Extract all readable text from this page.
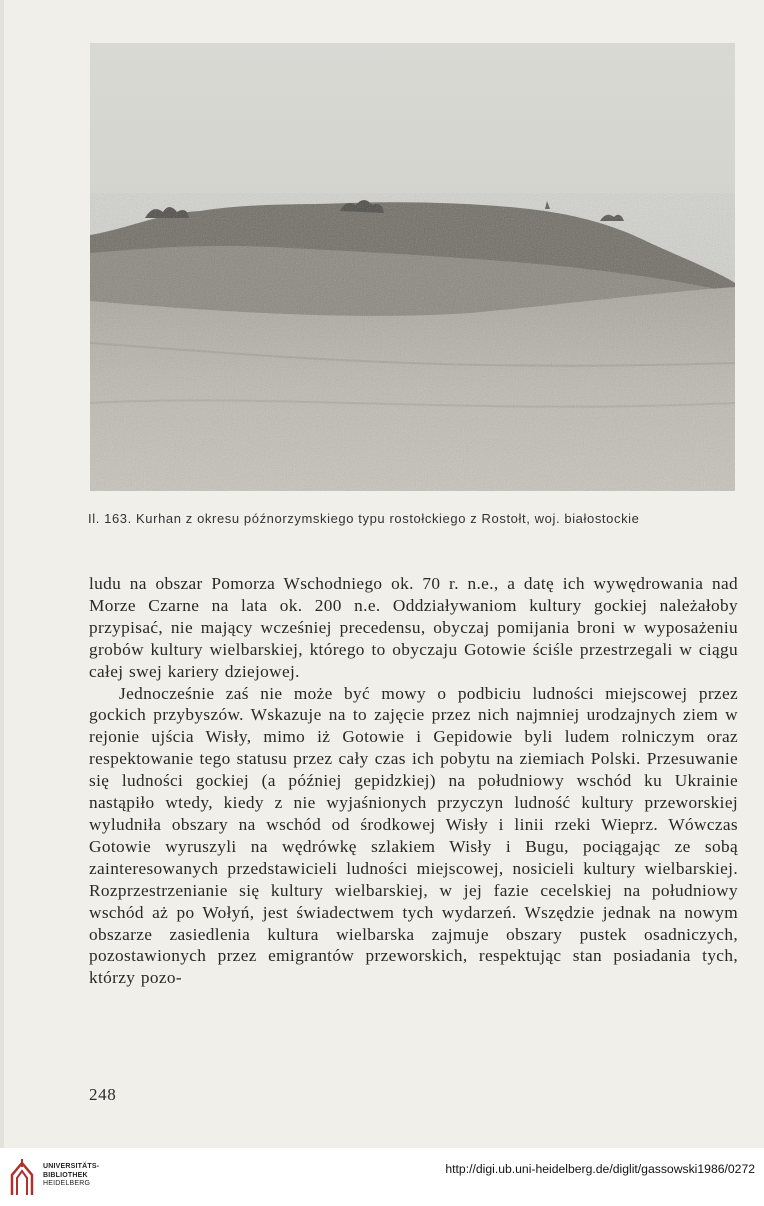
Il. 163. Kurhan z okresu późnorzymskiego typu rostołckiego z Rostołt, woj. białostockie

ludu na obszar Pomorza Wschodniego ok. 70 r. n.e., a datę ich wywędrowania nad Morze Czarne na lata ok. 200 n.e. Oddziaływaniom kultury gockiej należałoby przypisać, nie mający wcześniej precedensu, obyczaj pomijania broni w wyposażeniu grobów kultury wielbarskiej, którego to obyczaju Gotowie ściśle przestrzegali w ciągu całej swej kariery dziejowej.

Jednocześnie zaś nie może być mowy o podbiciu ludności miejscowej przez gockich przybyszów. Wskazuje na to zajęcie przez nich najmniej urodzajnych ziem w rejonie ujścia Wisły, mimo iż Gotowie i Gepidowie byli ludem rolniczym oraz respektowanie tego statusu przez cały czas ich pobytu na ziemiach Polski. Przesuwanie się ludności gockiej (a później gepidzkiej) na południowy wschód ku Ukrainie nastąpiło wtedy, kiedy z nie wyjaśnionych przyczyn ludność kultury przeworskiej wyludniła obszary na wschód od środkowej Wisły i linii rzeki Wieprz. Wówczas Gotowie wyruszyli na wędrówkę szlakiem Wisły i Bugu, pociągając ze sobą zainteresowanych przedstawicieli ludności miejscowej, nosicieli kultury wielbarskiej. Rozprzestrzenianie się kultury wielbarskiej, w jej fazie cecelskiej na południowy wschód aż po Wołyń, jest świadectwem tych wydarzeń. Wszędzie jednak na nowym obszarze zasiedlenia kultura wielbarska zajmuje obszary pustek osadniczych, pozostawionych przez emigrantów przeworskich, respektując stan posiadania tych, którzy pozo-

248
UNIVERSITÄTS-
BIBLIOTHEK
HEIDELBERG
http://digi.ub.uni-heidelberg.de/diglit/gassowski1986/0272
